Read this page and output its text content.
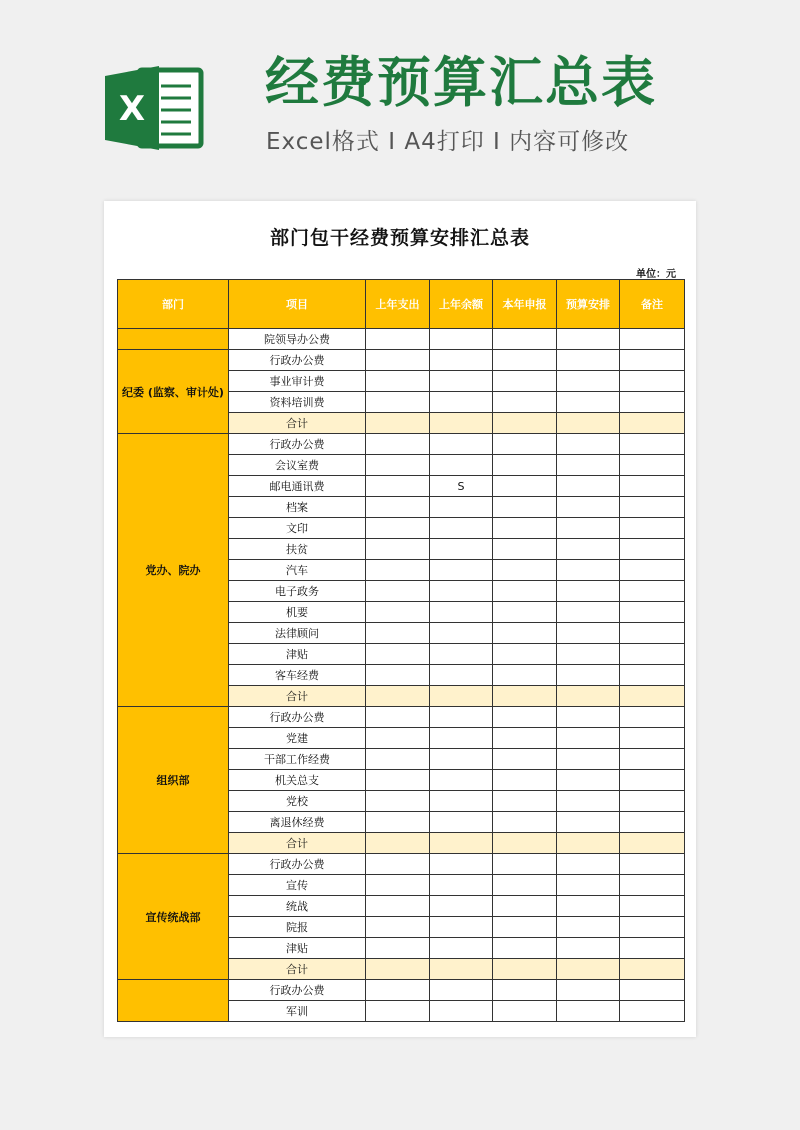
X 经费预算汇总表
Excel格式 I A4打印 I 内容可修改
部门包干经费预算安排汇总表
单位：元
部门	项目	上年支出	上年余额	本年申报	预算安排	备注
	院领导办公费					
纪委 (监察、审计处)	行政办公费					
	事业审计费					
	资料培训费					
	合计					
党办、院办	行政办公费					
	会议室费					
	邮电通讯费		S			
	档案					
	文印					
	扶贫					
	汽车					
	电子政务					
	机要					
	法律顾问					
	津贴					
	客车经费					
	合计					
组织部	行政办公费					
	党建					
	干部工作经费					
	机关总支					
	党校					
	离退休经费					
	合计					
宣传统战部	行政办公费					
	宣传					
	统战					
	院报					
	津贴					
	合计					
	行政办公费					
	军训					
